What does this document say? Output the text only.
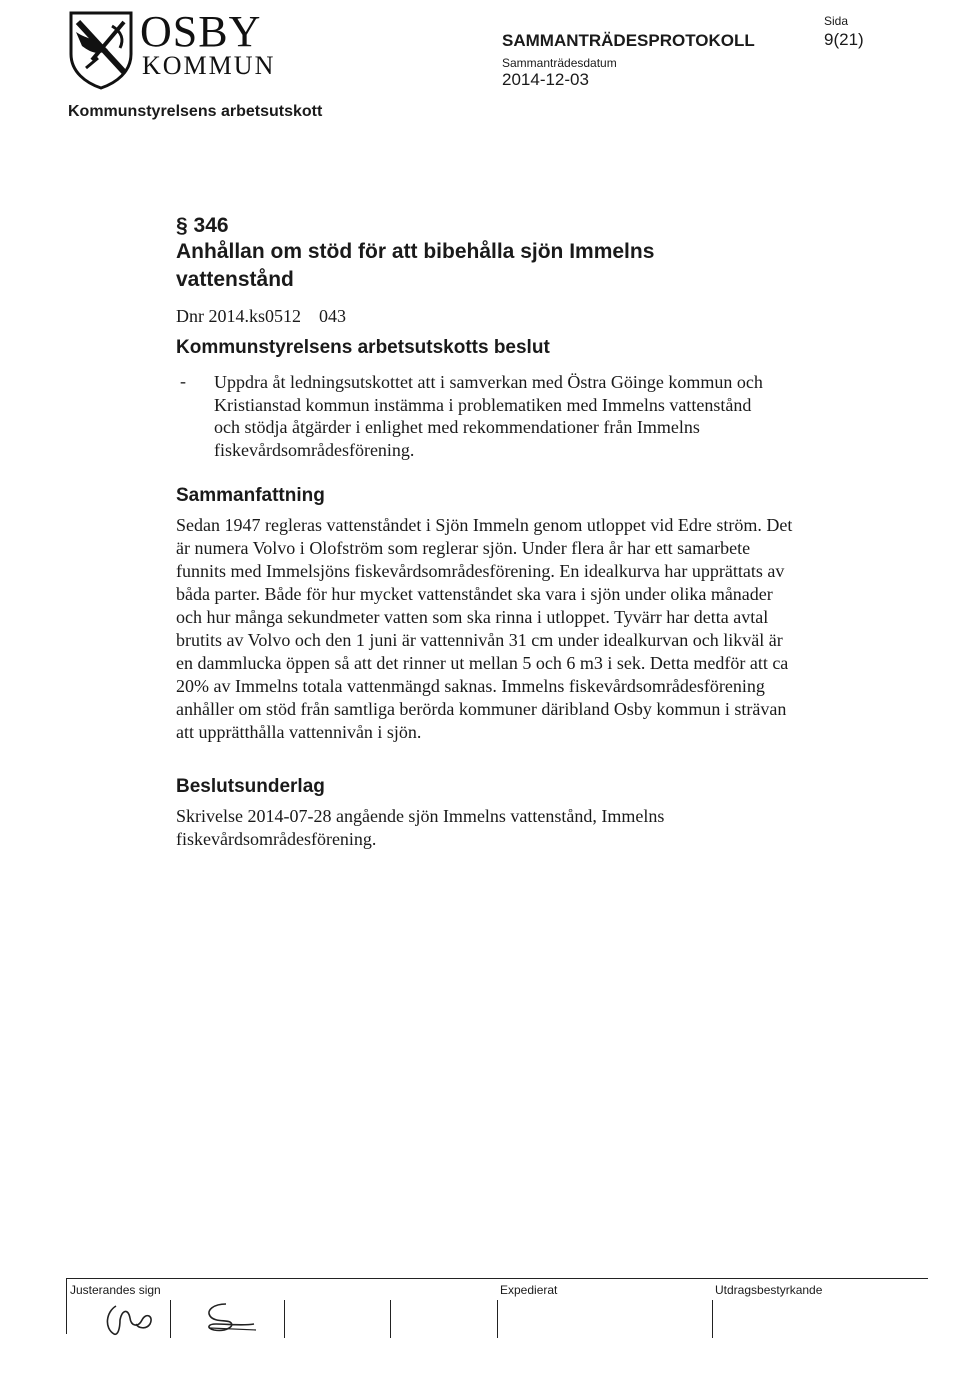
OSBY
KOMMUN
SAMMANTRÄDESPROTOKOLL
Sammanträdesdatum
2014-12-03
Sida
9(21)
Kommunstyrelsens arbetsutskott
§ 346
Anhållan om stöd för att bibehålla sjön Immelns vattenstånd
Dnr 2014.ks0512    043
Kommunstyrelsens arbetsutskotts beslut
- Uppdra åt ledningsutskottet att i samverkan med Östra Göinge kommun och Kristianstad kommun instämma i problematiken med Immelns vattenstånd och stödja åtgärder i enlighet med rekommendationer från Immelns fiskevårdsområdesförening.

Sammanfattning

Sedan 1947 regleras vattenståndet i Sjön Immeln genom utloppet vid Edre ström. Det är numera Volvo i Olofström som reglerar sjön. Under flera år har ett samarbete funnits med Immelsjöns fiskevårdsområdesförening. En idealkurva har upprättats av båda parter. Både för hur mycket vattenståndet ska vara i sjön under olika månader och hur många sekundmeter vatten som ska rinna i utloppet. Tyvärr har detta avtal brutits av Volvo och den 1 juni är vattennivån 31 cm under idealkurvan och likväl är en dammlucka öppen så att det rinner ut mellan 5 och 6 m3 i sek. Detta medför att ca 20% av Immelns totala vattenmängd saknas. Immelns fiskevårdsområdesförening anhåller om stöd från samtliga berörda kommuner däribland Osby kommun i strävan att upprätthålla vattennivån i sjön.

Beslutsunderlag

Skrivelse 2014-07-28 angående sjön Immelns vattenstånd, Immelns fiskevårdsområdesförening.

Justerandes sign	Expedierat	Utdragsbestyrkande
